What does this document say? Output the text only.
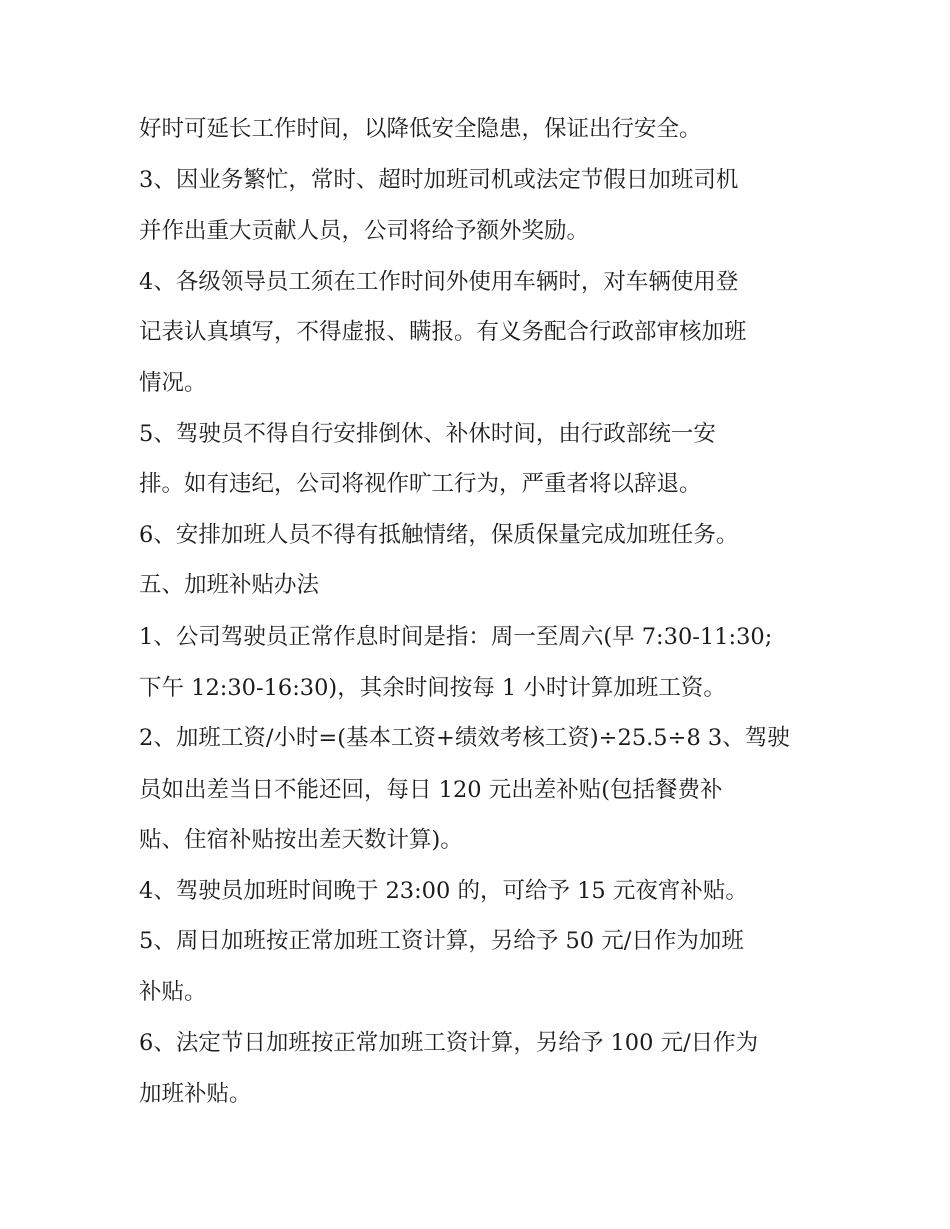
好时可延长工作时间，以降低安全隐患，保证出行安全。
3、因业务繁忙，常时、超时加班司机或法定节假日加班司机
并作出重大贡献人员，公司将给予额外奖励。
4、各级领导员工须在工作时间外使用车辆时，对车辆使用登
记表认真填写，不得虚报、瞒报。有义务配合行政部审核加班
情况。
5、驾驶员不得自行安排倒休、补休时间，由行政部统一安
排。如有违纪，公司将视作旷工行为，严重者将以辞退。
6、安排加班人员不得有抵触情绪，保质保量完成加班任务。
五、加班补贴办法
1、公司驾驶员正常作息时间是指：周一至周六(早 7:30-11:30;
下午 12:30-16:30)，其余时间按每 1 小时计算加班工资。
2、加班工资/小时=(基本工资+绩效考核工资)÷25.5÷8 3、驾驶
员如出差当日不能还回，每日 120 元出差补贴(包括餐费补
贴、住宿补贴按出差天数计算)。
4、驾驶员加班时间晚于 23:00 的，可给予 15 元夜宵补贴。
5、周日加班按正常加班工资计算，另给予 50 元/日作为加班
补贴。
6、法定节日加班按正常加班工资计算，另给予 100 元/日作为
加班补贴。
